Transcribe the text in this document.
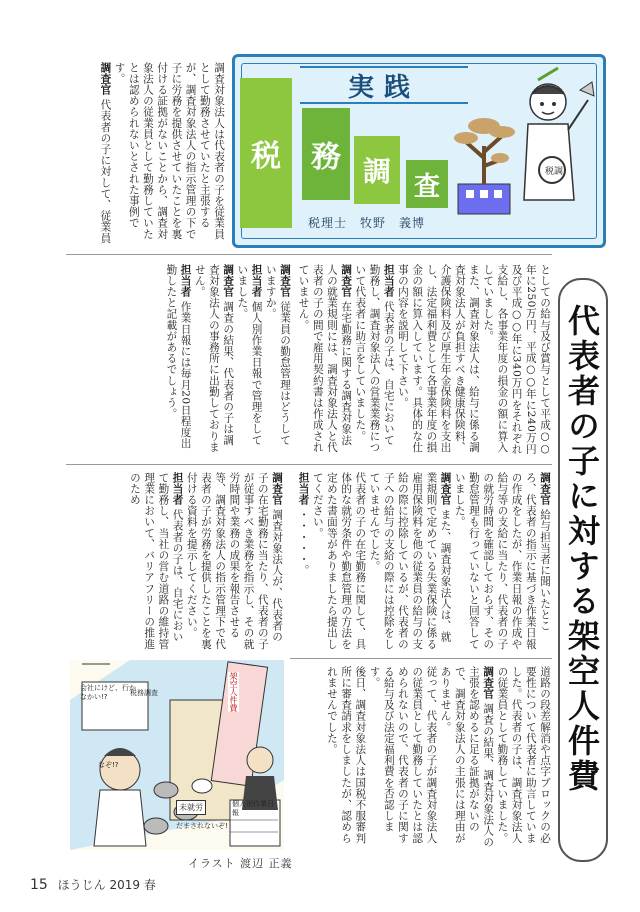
実践
税 務 調 査	税調
税理士　牧野　義博
代表者の子に対する架空人件費

調査対象法人は代表者の子を従業員として勤務させていたと主張するが、調査対象法人の指示管理の下で子に労務を提供させていたことを裏付ける証拠がないことから、調査対象法人の従業員として勤務していたとは認められないとされた事例です。

調査官代表者の子に対して、従業員

としての給与及び賞与として平成○○年に250万円、平成○○年に240万円及び平成○○年に340万円をそれぞれ支給し、各事業年度の損金の額に算入していました。

また、調査対象法人は、給与に係る調査対象法人が負担すべき健康保険料、介護保険料及び厚生年金保険料を支出し、法定福利費として各事業年度の損金の額に算入しています。具体的な仕事の内容を説明して下さい。

担当者代表者の子は、自宅において勤務し、調査対象法人の営業業務について代表者に助言をしていました。

調査官在宅勤務に関する調査対象法人の就業規則には、調査対象法人と代表者の子の間で雇用契約書は作成されていません。

調査官従業員の勤怠管理はどうしていますか。

担当者個人別作業日報で管理をしていました。

調査官調査の結果、代表者の子は調査対象法人の事務所に出勤しておりません。

担当者作業日報には毎月20日程度出勤したと記載があるでしょう。

調査官給与担当者に聞いたところ、代表者の指示に基づき作業日報の作成をしたが、作業日報の作成や給与等の支給に当たり、代表者の子の就労時間を確認しておらず、その勤怠管理も行っていないと回答していました。

調査官また、調査対象法人は、就業規則で定めている失業保険に係る雇用保険料を他の従業員の給与の支給の際に控除しているが、代表者の子への給与の支給の際には控除をしていませんでした。

代表者の子の在宅勤務に関して、具体的な就労条件や勤怠管理の方法を定めた書面等がありましたら提出してください。

担当者・・・・・。

調査官調査対象法人が、代表者の子の在宅勤務に当たり、代表者の子が従事すべき業務を指示し、その就労時間や業務の成果を報告させる等、調査対象法人の指示管理下で代表者の子が労務を提供したことを裏付ける資料を提示してください。

担当者代表者の子は、自宅において勤務し、当社の営む道路の維持管理業において、バリアフリーの推進のため

道路の段差解消や点字ブロックの必要性について代表者に助言していました。代表者の子は、調査対象法人の従業員として勤務していました。

調査官調査の結果、調査対象法人の主張を認めるに足る証拠がないので、調査対象法人の主張には理由がありません。

従って、代表者の子が調査対象法人の従業員として勤務していたとは認められないので、代表者の子に関する給与及び法定福利費を否認します。

後日、調査対象法人は国税不服審判所に審査請求をしましたが、認められませんでした。

会社にけど、行かなかい!?	架空人件費
未就労	個人別作業日報
だまされないぞ!
税務調査
なぞ!?
イラスト 渡辺 正義
15 ほうじん 2019 春
